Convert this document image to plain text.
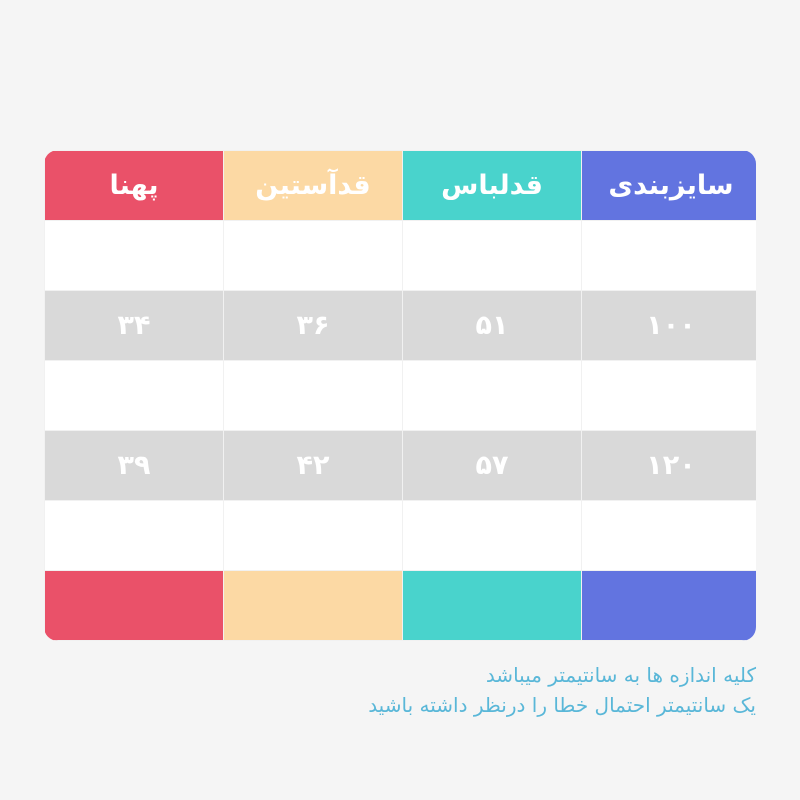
سایزبندی	قدلباس	قدآستین	پهنا
۹۰	۴۹	۳۵	۳۳
۱۰۰	۵۱	۳۶	۳۴
۱۱۰	۵۳	۴۰	۳۷
۱۲۰	۵۷	۴۲	۳۹
۱۳۰	۶۱	۴۴	۴۱

کلیه اندازه ها به سانتیمتر میباشد
یک سانتیمتر احتمال خطا را درنظر داشته باشید
